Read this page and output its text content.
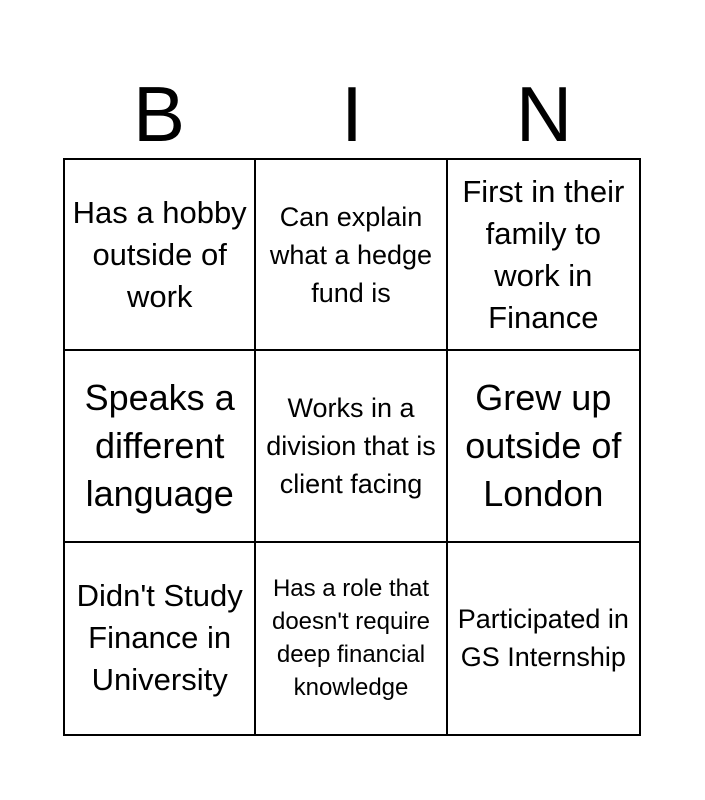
B	I	N
Has a hobby outside of work
Can explain what a hedge fund is
First in their family to work in Finance
Speaks a different language
Works in a division that is client facing
Grew up outside of London
Didn't Study Finance in University
Has a role that doesn't require deep financial knowledge
Participated in GS Internship
